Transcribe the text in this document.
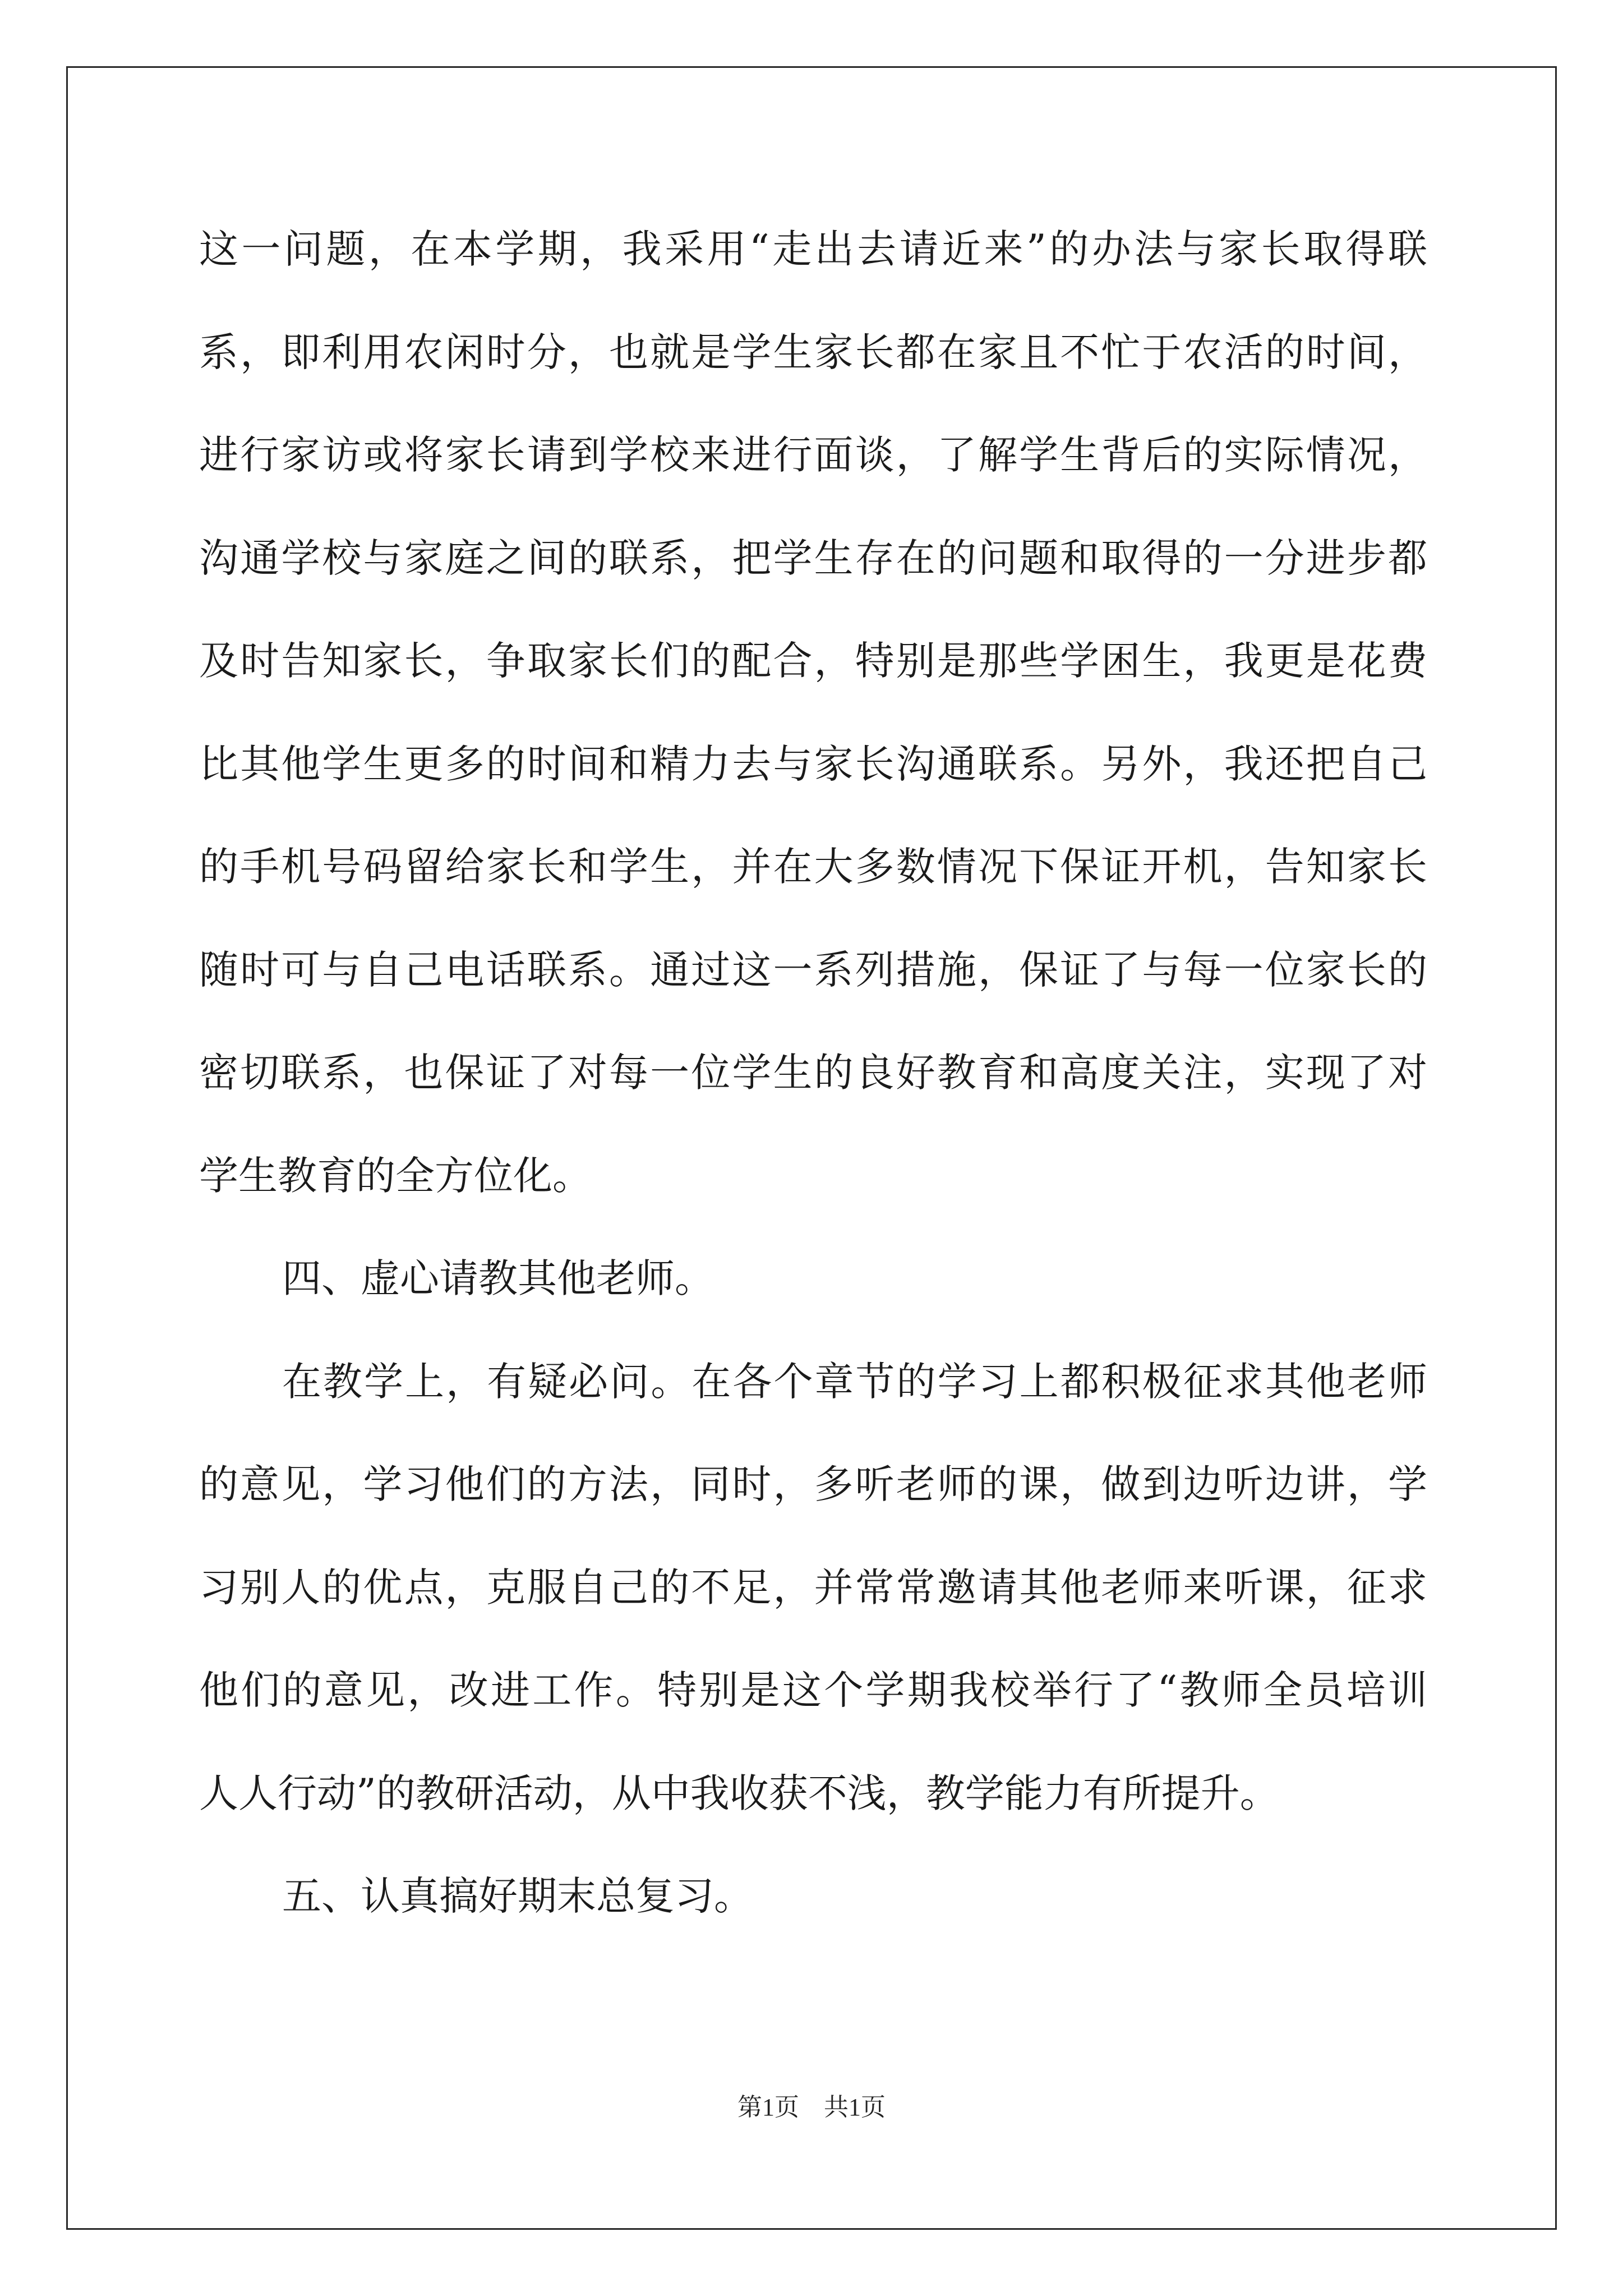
这一问题，在本学期，我采用“走出去请近来”的办法与家长取得联
系，即利用农闲时分，也就是学生家长都在家且不忙于农活的时间，
进行家访或将家长请到学校来进行面谈，了解学生背后的实际情况，
沟通学校与家庭之间的联系，把学生存在的问题和取得的一分进步都
及时告知家长，争取家长们的配合，特别是那些学困生，我更是花费
比其他学生更多的时间和精力去与家长沟通联系。另外，我还把自己
的手机号码留给家长和学生，并在大多数情况下保证开机，告知家长
随时可与自己电话联系。通过这一系列措施，保证了与每一位家长的
密切联系，也保证了对每一位学生的良好教育和高度关注，实现了对
学生教育的全方位化。
四、虚心请教其他老师。
在教学上，有疑必问。在各个章节的学习上都积极征求其他老师
的意见，学习他们的方法，同时，多听老师的课，做到边听边讲，学
习别人的优点，克服自己的不足，并常常邀请其他老师来听课，征求
他们的意见，改进工作。特别是这个学期我校举行了“教师全员培训
人人行动”的教研活动，从中我收获不浅，教学能力有所提升。
五、认真搞好期末总复习。
第1页　共1页
